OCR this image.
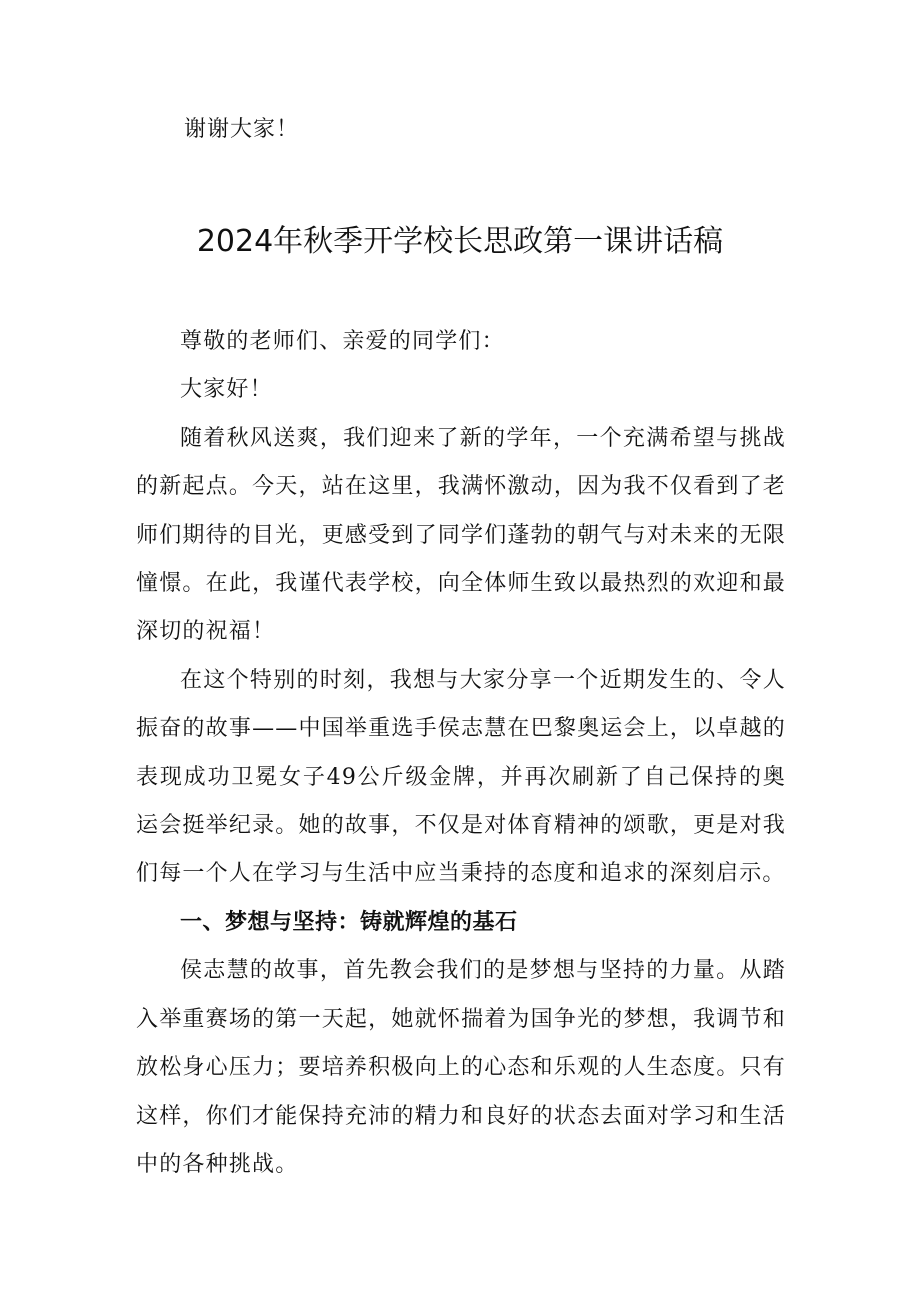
谢谢大家！
2024年秋季开学校长思政第一课讲话稿

尊敬的老师们、亲爱的同学们：

大家好！

随着秋风送爽，我们迎来了新的学年，一个充满希望与挑战的新起点。今天，站在这里，我满怀激动，因为我不仅看到了老师们期待的目光，更感受到了同学们蓬勃的朝气与对未来的无限憧憬。在此，我谨代表学校，向全体师生致以最热烈的欢迎和最深切的祝福！

在这个特别的时刻，我想与大家分享一个近期发生的、令人振奋的故事——中国举重选手侯志慧在巴黎奥运会上，以卓越的表现成功卫冕女子49公斤级金牌，并再次刷新了自己保持的奥运会挺举纪录。她的故事，不仅是对体育精神的颂歌，更是对我们每一个人在学习与生活中应当秉持的态度和追求的深刻启示。

一、梦想与坚持：铸就辉煌的基石

侯志慧的故事，首先教会我们的是梦想与坚持的力量。从踏入举重赛场的第一天起，她就怀揣着为国争光的梦想，我调节和放松身心压力；要培养积极向上的心态和乐观的人生态度。只有这样，你们才能保持充沛的精力和良好的状态去面对学习和生活中的各种挑战。
